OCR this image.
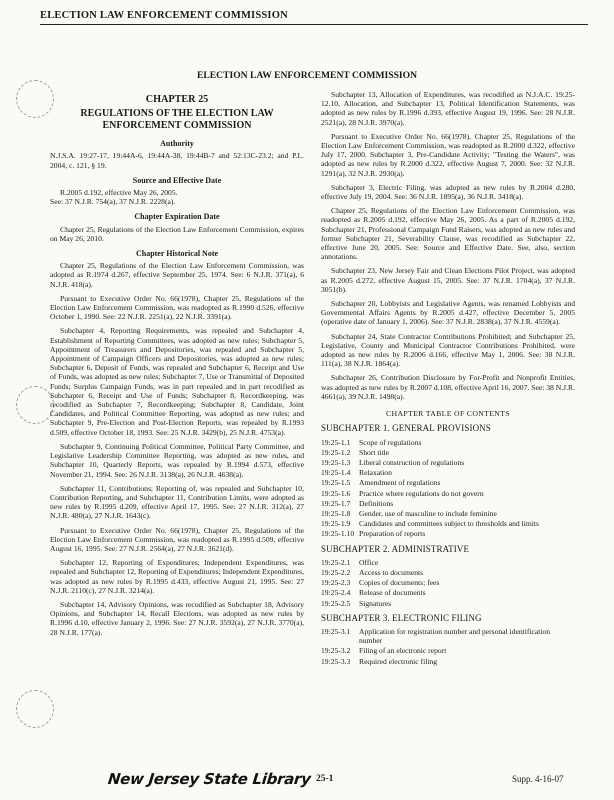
ELECTION LAW ENFORCEMENT COMMISSION
ELECTION LAW ENFORCEMENT COMMISSION
CHAPTER 25
REGULATIONS OF THE ELECTION LAW ENFORCEMENT COMMISSION
Authority

N.J.S.A. 19:27-17, 19:44A-6, 19:44A-38, 19:44B-7 and 52:13C-23.2; and P.L. 2004, c. 121, § 19.

Source and Effective Date

R.2005 d.192, effective May 26, 2005.

See: 37 N.J.R. 754(a), 37 N.J.R. 2228(a).

Chapter Expiration Date

Chapter 25, Regulations of the Election Law Enforcement Commission, expires on May 26, 2010.

Chapter Historical Note

Chapter 25, Regulations of the Election Law Enforcement Commission, was adopted as R.1974 d.267, effective September 25, 1974. See: 6 N.J.R. 371(a), 6 N.J.R. 418(a).

Pursuant to Executive Order No. 66(1978), Chapter 25, Regulations of the Election Law Enforcement Commission, was readopted as R.1990 d.526, effective October 1, 1990. See: 22 N.J.R. 2251(a), 22 N.J.R. 3391(a).

Subchapter 4, Reporting Requirements, was repealed and Subchapter 4, Establishment of Reporting Committees, was adopted as new rules; Subchapter 5, Appointment of Treasurers and Depositories, was repealed and Subchapter 5, Appointment of Campaign Officers and Depositories, was adopted as new rules; Subchapter 6, Deposit of Funds, was repealed and Subchapter 6, Receipt and Use of Funds, was adopted as new rules; Subchapter 7, Use or Transmittal of Deposited Funds; Surplus Campaign Funds, was in part repealed and in part recodified as Subchapter 6, Receipt and Use of Funds; Subchapter 8, Recordkeeping, was recodified as Subchapter 7, Recordkeeping; Subchapter 8, Candidate, Joint Candidates, and Political Committee Reporting, was adopted as new rules; and Subchapter 9, Pre-Election and Post-Election Reports, was repealed by R.1993 d.509, effective October 18, 1993. See: 25 N.J.R. 3429(b), 25 N.J.R. 4753(a).

Subchapter 9, Continuing Political Committee, Political Party Committee, and Legislative Leadership Committee Reporting, was adopted as new rules, and Subchapter 10, Quarterly Reports, was repealed by R.1994 d.573, effective November 21, 1994. See: 26 N.J.R. 3138(a), 26 N.J.R. 4638(a).

Subchapter 11, Contributions; Reporting of, was repealed and Subchapter 10, Contribution Reporting, and Subchapter 11, Contribution Limits, were adopted as new rules by R.1995 d.209, effective April 17, 1995. See: 27 N.J.R. 312(a), 27 N.J.R. 480(a), 27 N.J.R. 1643(c).

Pursuant to Executive Order No. 66(1978), Chapter 25, Regulations of the Election Law Enforcement Commission, was readopted as R.1995 d.509, effective August 16, 1995. See: 27 N.J.R. 2564(a), 27 N.J.R. 3621(d).

Subchapter 12, Reporting of Expenditures; Independent Expenditures, was repealed and Subchapter 12, Reporting of Expenditures; Independent Expenditures, was adopted as new rules by R.1995 d.433, effective August 21, 1995. See: 27 N.J.R. 2110(c), 27 N.J.R. 3214(a).

Subchapter 14, Advisory Opinions, was recodified as Subchapter 18, Advisory Opinions, and Subchapter 14, Recall Elections, was adopted as new rules by R.1996 d.10, effective January 2, 1996. See: 27 N.J.R. 3592(a), 27 N.J.R. 3770(a), 28 N.J.R. 177(a).

Subchapter 13, Allocation of Expenditures, was recodified as N.J.A.C. 19:25-12.10, Allocation, and Subchapter 13, Political Identification Statements, was adopted as new rules by R.1996 d.393, effective August 19, 1996. See: 28 N.J.R. 2521(a), 28 N.J.R. 3970(a).

Pursuant to Executive Order No. 66(1978), Chapter 25, Regulations of the Election Law Enforcement Commission, was readopted as R.2000 d.322, effective July 17, 2000. Subchapter 3, Pre-Candidate Activity; "Testing the Waters", was adopted as new rules by R.2000 d.322, effective August 7, 2000. See: 32 N.J.R. 1291(a), 32 N.J.R. 2930(a).

Subchapter 3, Electric Filing, was adopted as new rules by R.2004 d.280, effective July 19, 2004. See: 36 N.J.R. 1895(a), 36 N.J.R. 3418(a).

Chapter 25, Regulations of the Election Law Enforcement Commission, was readopted as R.2005 d.192, effective May 26, 2005. As a part of R.2005 d.192, Subchapter 21, Professional Campaign Fund Raisers, was adopted as new rules and former Subchapter 21, Severability Clause, was recodified as Subchapter 22, effective June 20, 2005. See: Source and Effective Date. See, also, section annotations.

Subchapter 23, New Jersey Fair and Clean Elections Pilot Project, was adopted as R.2005 d.272, effective August 15, 2005. See: 37 N.J.R. 1704(a), 37 N.J.R. 3051(b).

Subchapter 20, Lobbyists and Legislative Agents, was renamed Lobbyists and Governmental Affairs Agents by R.2005 d.427, effective December 5, 2005 (operative date of January 1, 2006). See: 37 N.J.R. 2838(a), 37 N.J.R. 4559(a).

Subchapter 24, State Contractor Contributions Prohibited; and Subchapter 25, Legislative, County and Municipal Contractor Contributions Prohibited, were adopted as new rules by R.2006 d.166, effective May 1, 2006. See: 38 N.J.R. 111(a), 38 N.J.R. 1864(a).

Subchapter 26, Contribution Disclosure by For-Profit and Nonprofit Entities, was adopted as new rules by R.2007 d.108, effective April 16, 2007. See: 38 N.J.R. 4661(a), 39 N.J.R. 1498(a).

CHAPTER TABLE OF CONTENTS
SUBCHAPTER 1. GENERAL PROVISIONS
19:25-1.1	Scope of regulations
19:25-1.2	Short title
19:25-1.3	Liberal construction of regulations
19:25-1.4	Relaxation
19:25-1.5	Amendment of regulations
19:25-1.6	Practice where regulations do not govern
19:25-1.7	Definitions
19:25-1.8	Gender, use of masculine to include feminine
19:25-1.9	Candidates and committees subject to thresholds and limits
19:25-1.10 Preparation of reports
SUBCHAPTER 2. ADMINISTRATIVE
19:25-2.1	Office
19:25-2.2	Access to documents
19:25-2.3	Copies of documents; fees
19:25-2.4	Release of documents
19:25-2.5	Signatures
SUBCHAPTER 3. ELECTRONIC FILING
19:25-3.1	Application for registration number and personal identification number
19:25-3.2	Filing of an electronic report
19:25-3.3	Required electronic filing
New Jersey State Library 25-1	Supp. 4-16-07
